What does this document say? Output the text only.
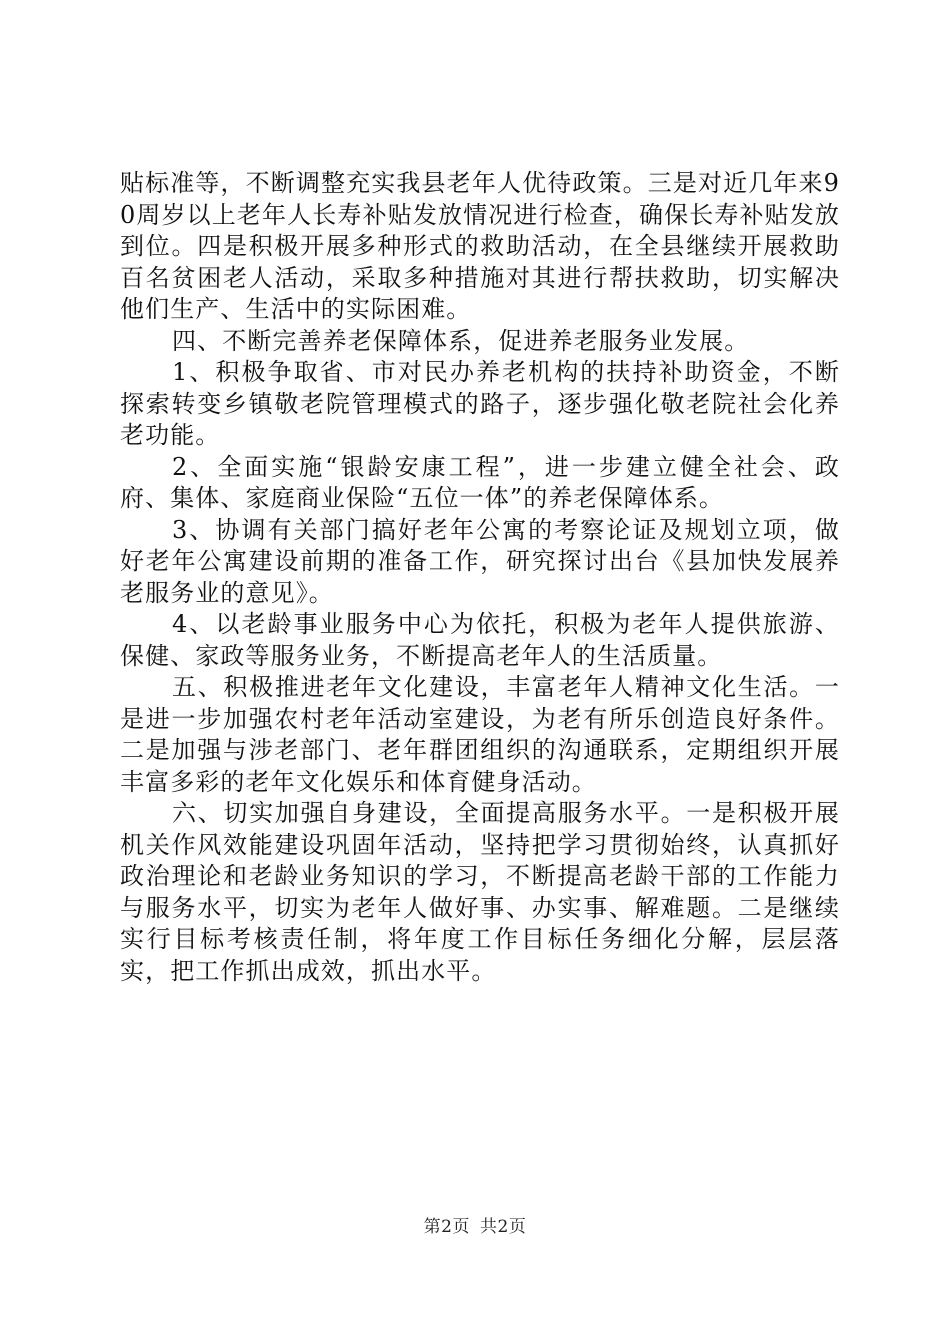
贴标准等，不断调整充实我县老年人优待政策。三是对近几年来90周岁以上老年人长寿补贴发放情况进行检查，确保长寿补贴发放到位。四是积极开展多种形式的救助活动，在全县继续开展救助百名贫困老人活动，采取多种措施对其进行帮扶救助，切实解决他们生产、生活中的实际困难。

四、不断完善养老保障体系，促进养老服务业发展。

1、积极争取省、市对民办养老机构的扶持补助资金，不断探索转变乡镇敬老院管理模式的路子，逐步强化敬老院社会化养老功能。

2、全面实施“银龄安康工程”，进一步建立健全社会、政府、集体、家庭商业保险“五位一体”的养老保障体系。

3、协调有关部门搞好老年公寓的考察论证及规划立项，做好老年公寓建设前期的准备工作，研究探讨出台《县加快发展养老服务业的意见》。

4、以老龄事业服务中心为依托，积极为老年人提供旅游、保健、家政等服务业务，不断提高老年人的生活质量。

五、积极推进老年文化建设，丰富老年人精神文化生活。一是进一步加强农村老年活动室建设，为老有所乐创造良好条件。二是加强与涉老部门、老年群团组织的沟通联系，定期组织开展丰富多彩的老年文化娱乐和体育健身活动。

六、切实加强自身建设，全面提高服务水平。一是积极开展机关作风效能建设巩固年活动，坚持把学习贯彻始终，认真抓好政治理论和老龄业务知识的学习，不断提高老龄干部的工作能力与服务水平，切实为老年人做好事、办实事、解难题。二是继续实行目标考核责任制，将年度工作目标任务细化分解，层层落实，把工作抓出成效，抓出水平。

第2页 共2页
